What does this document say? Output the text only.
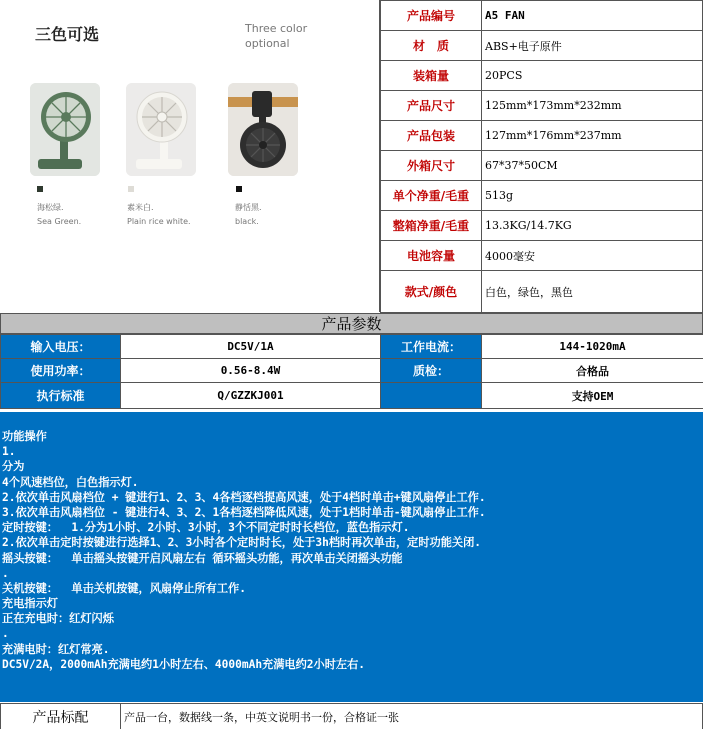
三色可选	Three color optional
海松绿.	素米白.	静恬黑.
Sea Green.	Plain rice white.	black.
产品编号	A5 FAN
材　质	ABS+电子原件
装箱量	20PCS
产品尺寸	125mm*173mm*232mm
产品包装	127mm*176mm*237mm
外箱尺寸	67*37*50CM
单个净重/毛重	513g
整箱净重/毛重	13.3KG/14.7KG
电池容量	4000毫安
款式/颜色	白色，绿色，黑色
产品参数
输入电压：	DC5V/1A	工作电流：	144-1020mA
使用功率：	0.56-8.4W	质检：	合格品
执行标准	Q/GZZKJ001		支持OEM
功能操作
1.
分为
4个风速档位，白色指示灯.
2.依次单击风扇档位 + 键进行1、2、3、4各档逐档提高风速，处于4档时单击+键风扇停止工作.
3.依次单击风扇档位 - 键进行4、3、2、1各档逐档降低风速，处于1档时单击-键风扇停止工作.
定时按键：  1.分为1小时、2小时、3小时，3个不同定时时长档位，蓝色指示灯.
2.依次单击定时按键进行选择1、2、3小时各个定时时长，处于3h档时再次单击，定时功能关闭.
摇头按键：  单击摇头按键开启风扇左右 循环摇头功能，再次单击关闭摇头功能
.
关机按键：  单击关机按键，风扇停止所有工作.
充电指示灯
正在充电时：红灯闪烁
.
充满电时：红灯常亮.
DC5V/2A，2000mAh充满电约1小时左右、4000mAh充满电约2小时左右.
产品标配	产品一台，数据线一条，中英文说明书一份，合格证一张
